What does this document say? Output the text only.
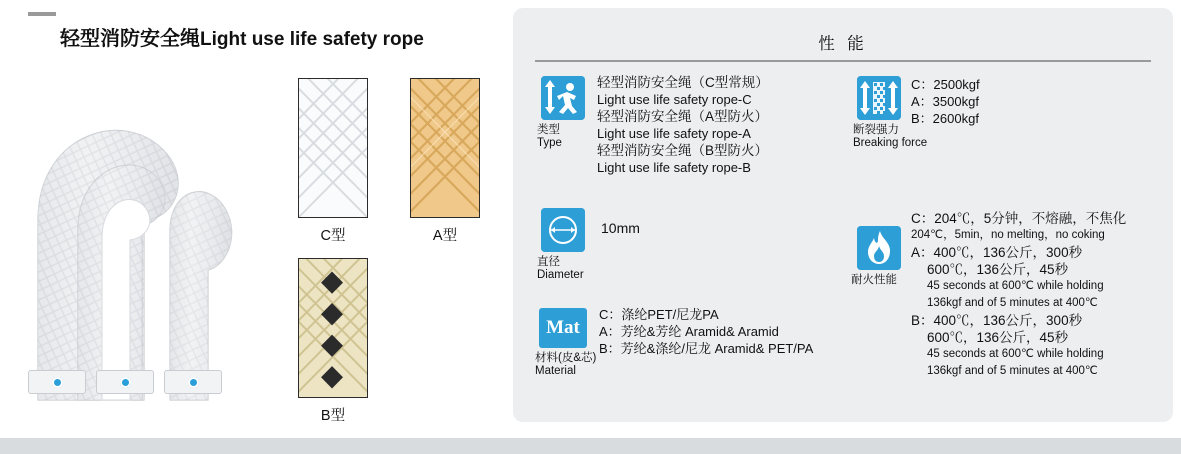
轻型消防安全绳Light use life safety rope
C型	A型
B型
性 能
类型
Type
轻型消防安全绳（C型常规）
Light use life safety rope-C
轻型消防安全绳（A型防火）
Light use life safety rope-A
轻型消防安全绳（B型防火）
Light use life safety rope-B
断裂强力
Breaking force
C：2500kgf
A：3500kgf
B：2600kgf
直径
Diameter
10mm
Mat
材料(皮&芯)
Material
C：涤纶PET/尼龙PA
A：芳纶&芳纶 Aramid& Aramid
B：芳纶&涤纶/尼龙 Aramid& PET/PA
耐火性能
C：204℃，5分钟，不熔融，不焦化
204℃，5min，no melting，no coking
A：400℃，136公斤，300秒
600℃，136公斤，45秒
45 seconds at 600℃ while holding
136kgf and of 5 minutes at 400℃
B：400℃，136公斤，300秒
600℃，136公斤，45秒
45 seconds at 600℃ while holding
136kgf and of 5 minutes at 400℃
